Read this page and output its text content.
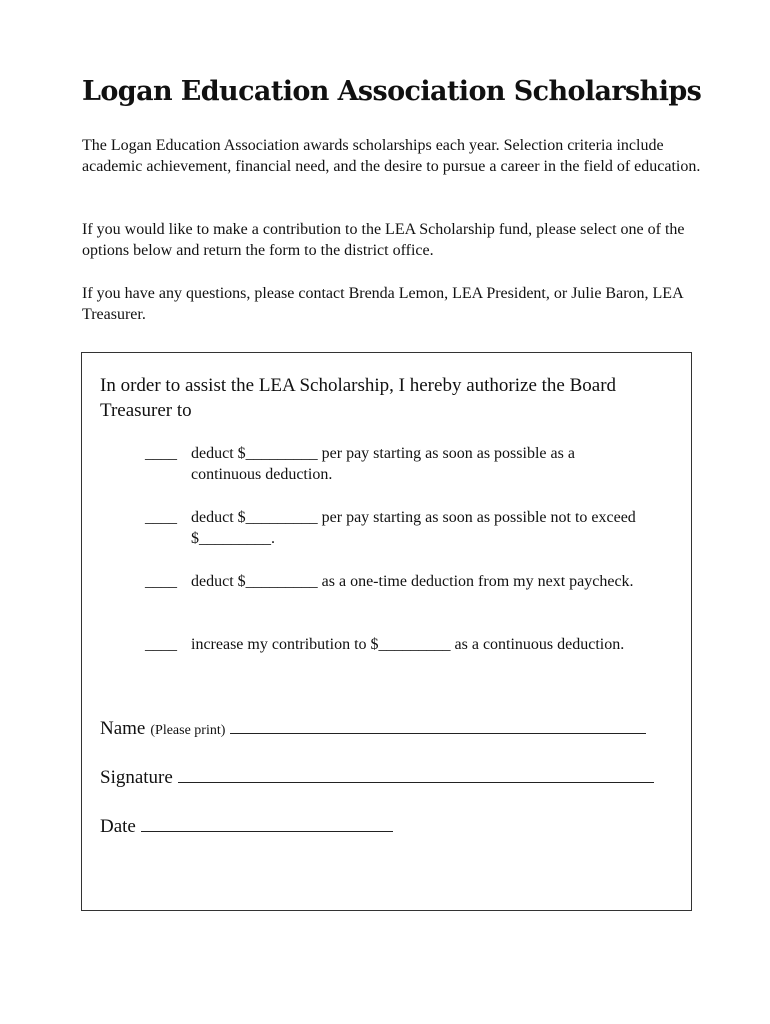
Logan Education Association Scholarships

The Logan Education Association awards scholarships each year. Selection criteria include academic achievement, financial need, and the desire to pursue a career in the field of education.

If you would like to make a contribution to the LEA Scholarship fund, please select one of the options below and return the form to the district office.

If you have any questions, please contact Brenda Lemon, LEA President, or Julie Baron, LEA Treasurer.

In order to assist the LEA Scholarship, I hereby authorize the Board Treasurer to

____ deduct $_________ per pay starting as soon as possible as a continuous deduction.
____ deduct $_________ per pay starting as soon as possible not to exceed $_________.
____ deduct $_________ as a one-time deduction from my next paycheck.
____ increase my contribution to $_________ as a continuous deduction.
Name (Please print)
Signature
Date
